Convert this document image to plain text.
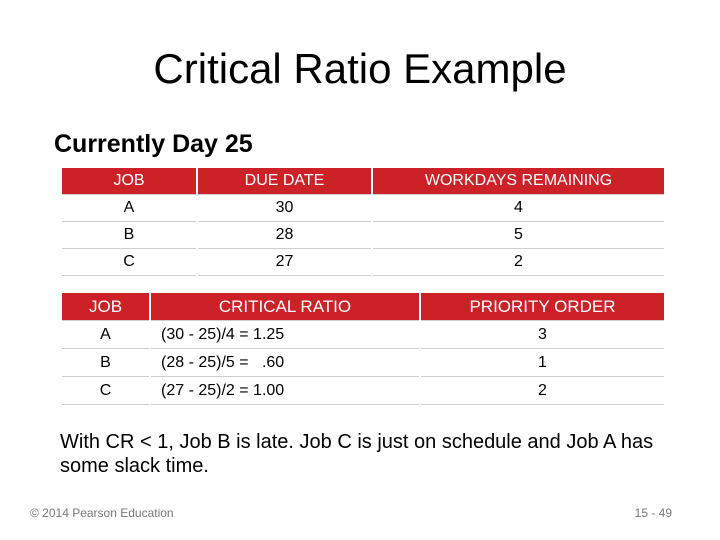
Critical Ratio Example
Currently Day 25
JOB	DUE DATE	WORKDAYS REMAINING
A	30	4
B	28	5
C	27	2
JOB	CRITICAL RATIO	PRIORITY ORDER
A	(30 - 25)/4 = 1.25	3
B	(28 - 25)/5 =   .60	1
C	(27 - 25)/2 = 1.00	2
With CR < 1, Job B is late. Job C is just on schedule and Job A has some slack time.
© 2014 Pearson Education	15 - 49
